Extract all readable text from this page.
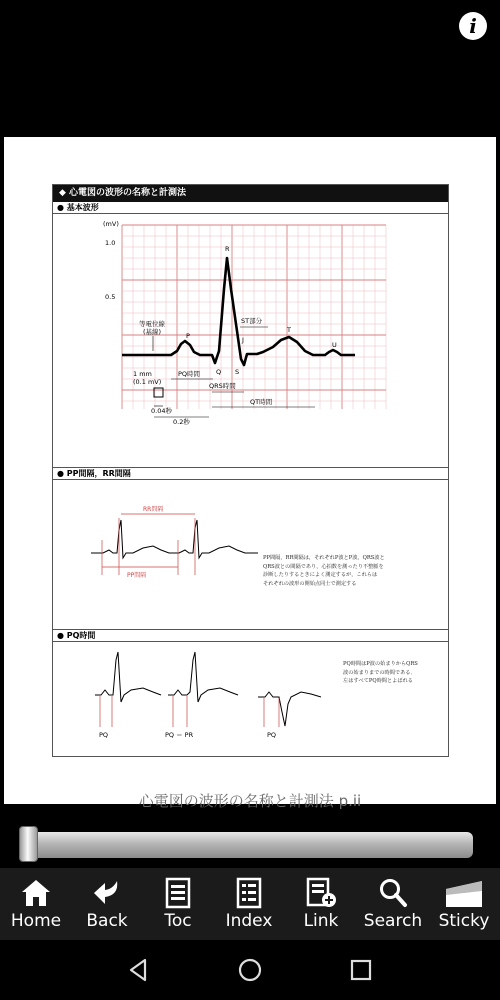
i
◆ 心電図の波形の名称と計測法
● 基本波形
(mV)
1.0
0.5
R
P
Q S
J
T
U
ST部分
等電位線
(基線)
1 mm
(0.1 mV)
0.04秒
0.2秒
PQ時間
QRS時間
QT時間
● PP間隔，RR間隔
RR間隔
PP間隔
PP間隔，RR間隔は，それぞれP波とP波，QRS波と
QRS波との間隔であり，心拍数を測ったり不整脈を
診断したりするときによく測定するが，これらは
それぞれの波形の開始点同士で測定する
● PQ時間
PQ	PQ ＝ PR	PQ
PQ時間はP波の始まりからQRS
波の始まりまでの時間である．
左はすべてPQ時間とよばれる
心電図の波形の名称と計測法 p.ii
Home	Back	Toc	Index	Link	Search Sticky
